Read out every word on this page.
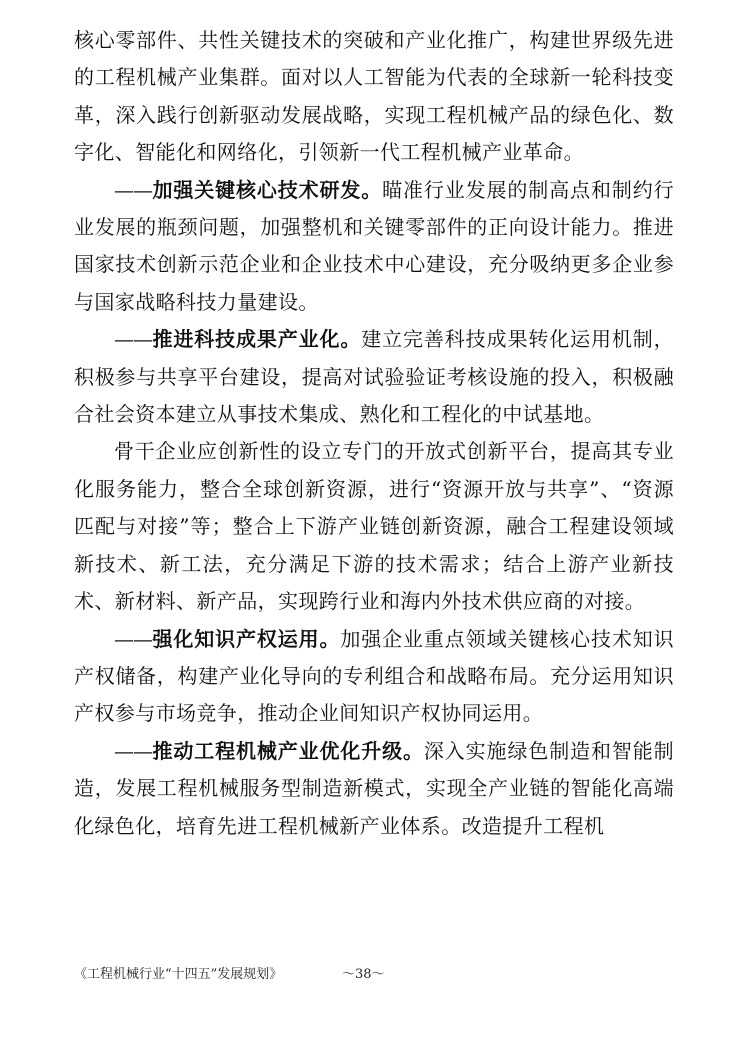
核心零部件、共性关键技术的突破和产业化推广，构建世界级先进的工程机械产业集群。面对以人工智能为代表的全球新一轮科技变革，深入践行创新驱动发展战略，实现工程机械产品的绿色化、数字化、智能化和网络化，引领新一代工程机械产业革命。

——加强关键核心技术研发。瞄准行业发展的制高点和制约行业发展的瓶颈问题，加强整机和关键零部件的正向设计能力。推进国家技术创新示范企业和企业技术中心建设，充分吸纳更多企业参与国家战略科技力量建设。

——推进科技成果产业化。建立完善科技成果转化运用机制，积极参与共享平台建设，提高对试验验证考核设施的投入，积极融合社会资本建立从事技术集成、熟化和工程化的中试基地。

骨干企业应创新性的设立专门的开放式创新平台，提高其专业化服务能力，整合全球创新资源，进行“资源开放与共享”、“资源匹配与对接”等；整合上下游产业链创新资源，融合工程建设领域新技术、新工法，充分满足下游的技术需求；结合上游产业新技术、新材料、新产品，实现跨行业和海内外技术供应商的对接。

——强化知识产权运用。加强企业重点领域关键核心技术知识产权储备，构建产业化导向的专利组合和战略布局。充分运用知识产权参与市场竞争，推动企业间知识产权协同运用。

——推动工程机械产业优化升级。深入实施绿色制造和智能制造，发展工程机械服务型制造新模式，实现全产业链的智能化高端化绿色化，培育先进工程机械新产业体系。改造提升工程机

《工程机械行业“十四五”发展规划》	～38～
